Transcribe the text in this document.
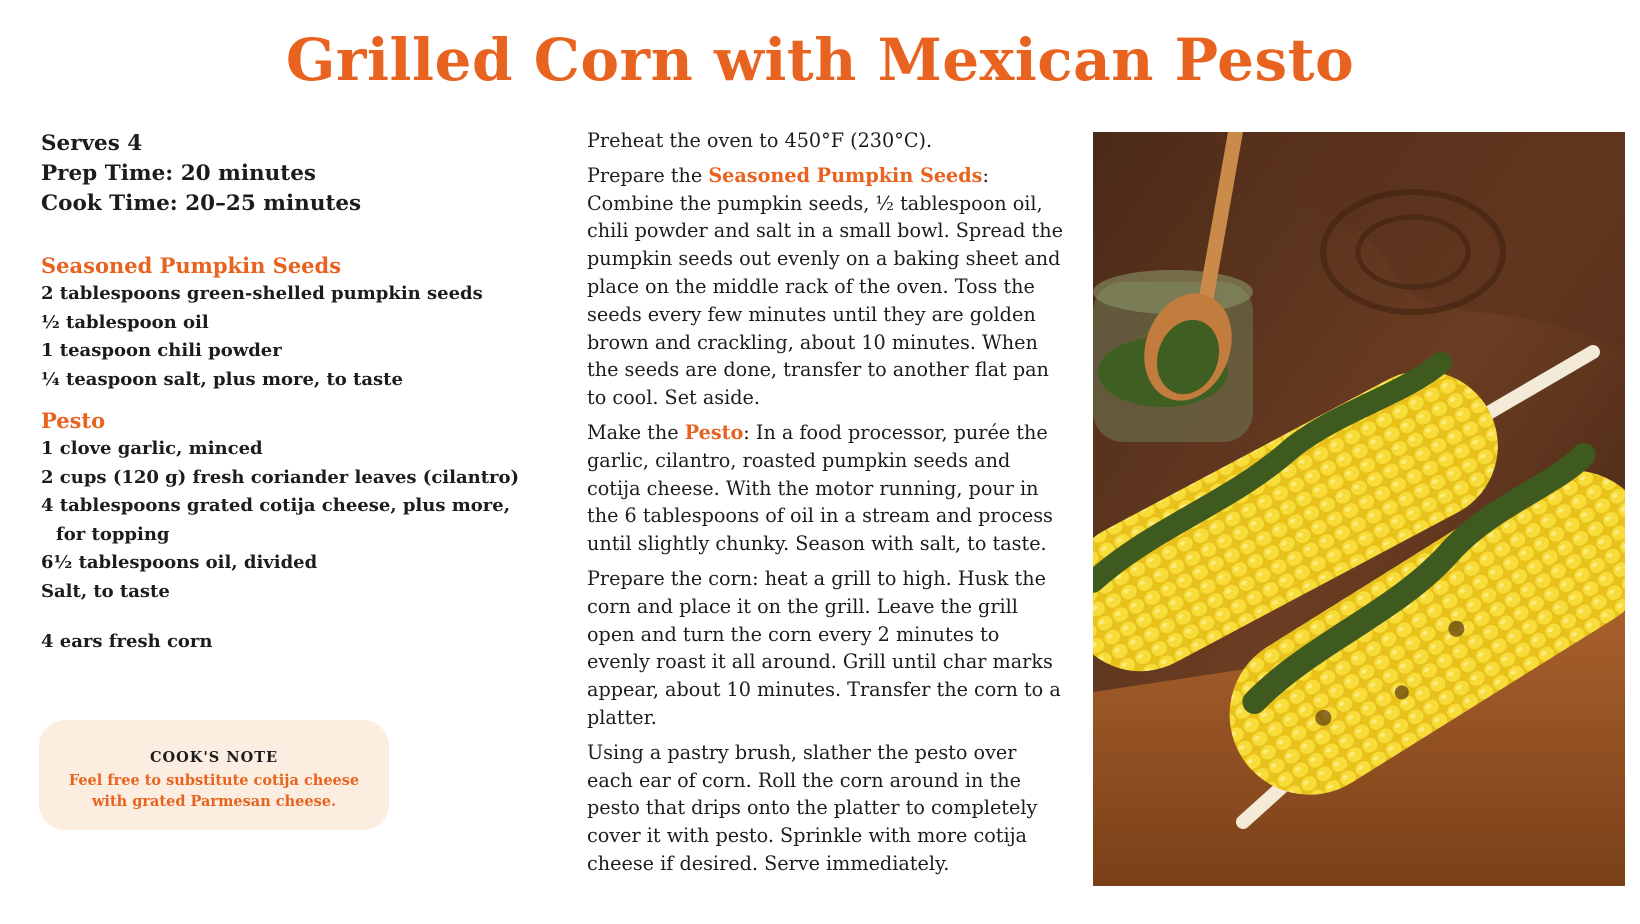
Grilled Corn with Mexican Pesto
Serves 4
Prep Time: 20 minutes
Cook Time: 20–25 minutes
Seasoned Pumpkin Seeds
2 tablespoons green-shelled pumpkin seeds
½ tablespoon oil
1 teaspoon chili powder
¼ teaspoon salt, plus more, to taste
Pesto
1 clove garlic, minced
2 cups (120 g) fresh coriander leaves (cilantro)
4 tablespoons grated cotija cheese, plus more, for topping
6½ tablespoons oil, divided
Salt, to taste
4 ears fresh corn
COOK'S NOTE
Feel free to substitute cotija cheese with grated Parmesan cheese.

Preheat the oven to 450°F (230°C).

Prepare the Seasoned Pumpkin Seeds: Combine the pumpkin seeds, ½ tablespoon oil, chili powder and salt in a small bowl. Spread the pumpkin seeds out evenly on a baking sheet and place on the middle rack of the oven. Toss the seeds every few minutes until they are golden brown and crackling, about 10 minutes. When the seeds are done, transfer to another flat pan to cool. Set aside.

Make the Pesto: In a food processor, purée the garlic, cilantro, roasted pumpkin seeds and cotija cheese. With the motor running, pour in the 6 tablespoons of oil in a stream and process until slightly chunky. Season with salt, to taste.

Prepare the corn: heat a grill to high. Husk the corn and place it on the grill. Leave the grill open and turn the corn every 2 minutes to evenly roast it all around. Grill until char marks appear, about 10 minutes. Transfer the corn to a platter.

Using a pastry brush, slather the pesto over each ear of corn. Roll the corn around in the pesto that drips onto the platter to completely cover it with pesto. Sprinkle with more cotija cheese if desired. Serve immediately.
